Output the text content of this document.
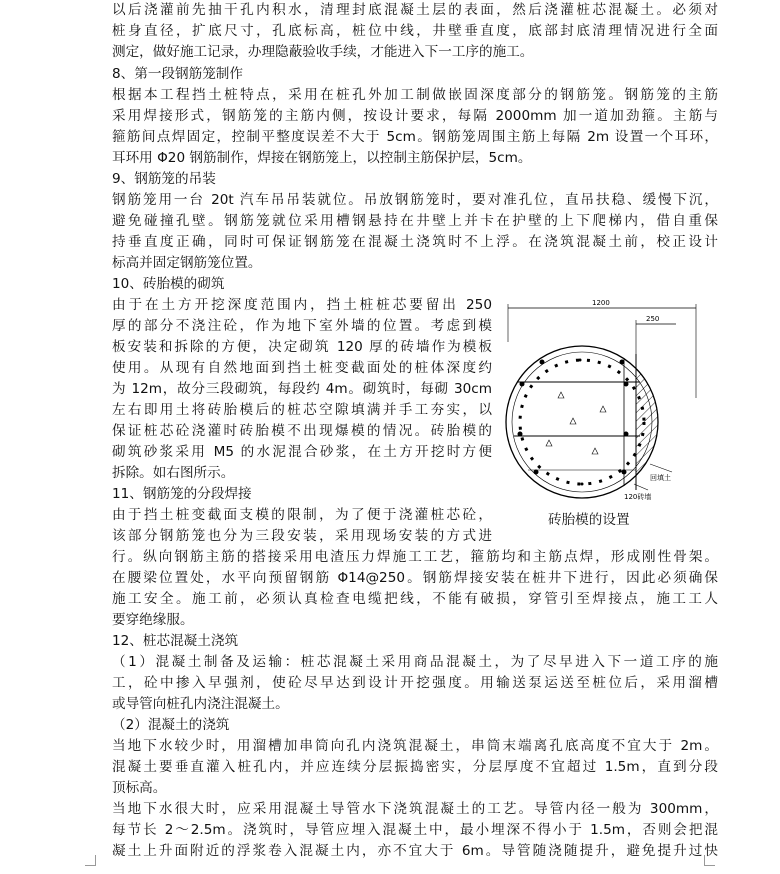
以后浇灌前先抽干孔内积水，清理封底混凝土层的表面，然后浇灌桩芯混凝土。必须对
桩身直径，扩底尺寸，孔底标高，桩位中线，井壁垂直度，底部封底清理情况进行全面
测定，做好施工记录，办理隐蔽验收手续，才能进入下一工序的施工。
8、第一段钢筋笼制作
根据本工程挡土桩特点，采用在桩孔外加工制做嵌固深度部分的钢筋笼。钢筋笼的主筋
采用焊接形式，钢筋笼的主筋内侧，按设计要求，每隔 2000mm 加一道加劲箍。主筋与
箍筋间点焊固定，控制平整度误差不大于 5cm。钢筋笼周围主筋上每隔 2m 设置一个耳环，
耳环用 Φ20 钢筋制作，焊接在钢筋笼上，以控制主筋保护层，5cm。
9、钢筋笼的吊装
钢筋笼用一台 20t 汽车吊吊装就位。吊放钢筋笼时，要对准孔位，直吊扶稳、缓慢下沉，
避免碰撞孔壁。钢筋笼就位采用槽钢悬持在井壁上并卡在护壁的上下爬梯内，借自重保
持垂直度正确，同时可保证钢筋笼在混凝土浇筑时不上浮。在浇筑混凝土前，校正设计
标高并固定钢筋笼位置。
10、砖胎模的砌筑
由于在土方开挖深度范围内，挡土桩桩芯要留出 250
厚的部分不浇注砼，作为地下室外墙的位置。考虑到模
板安装和拆除的方便，决定砌筑 120 厚的砖墙作为模板
使用。从现有自然地面到挡土桩变截面处的桩体深度约
为 12m，故分三段砌筑，每段约 4m。砌筑时，每砌 30cm
左右即用土将砖胎模后的桩芯空隙填满并手工夯实，以
保证桩芯砼浇灌时砖胎模不出现爆模的情况。砖胎模的
砌筑砂浆采用 M5 的水泥混合砂浆，在土方开挖时方便
拆除。如右图所示。
11、钢筋笼的分段焊接
由于挡土桩变截面支模的限制，为了便于浇灌桩芯砼，
该部分钢筋笼也分为三段安装，采用现场安装的方式进
行。纵向钢筋主筋的搭接采用电渣压力焊施工工艺，箍筋均和主筋点焊，形成刚性骨架。
在腰梁位置处，水平向预留钢筋 Φ14@250。钢筋焊接安装在桩井下进行，因此必须确保
施工安全。施工前，必须认真检查电缆把线，不能有破损，穿管引至焊接点，施工工人
要穿绝缘服。
12、桩芯混凝土浇筑
（1）混凝土制备及运输：桩芯混凝土采用商品混凝土，为了尽早进入下一道工序的施
工，砼中掺入早强剂，使砼尽早达到设计开挖强度。用输送泵运送至桩位后，采用溜槽
或导管向桩孔内浇注混凝土。
（2）混凝土的浇筑
当地下水较少时，用溜槽加串筒向孔内浇筑混凝土，串筒末端离孔底高度不宜大于 2m。
混凝土要垂直灌入桩孔内，并应连续分层振捣密实，分层厚度不宜超过 1.5m，直到分段
顶标高。
当地下水很大时，应采用混凝土导管水下浇筑混凝土的工艺。导管内径一般为 300mm，
每节长 2～2.5m。浇筑时，导管应埋入混凝土中，最小埋深不得小于 1.5m，否则会把混
凝土上升面附近的浮浆卷入混凝土内，亦不宜大于 6m。导管随浇随提升，避免提升过快
1200
250
回填土
120砖墙
砖胎模的设置
